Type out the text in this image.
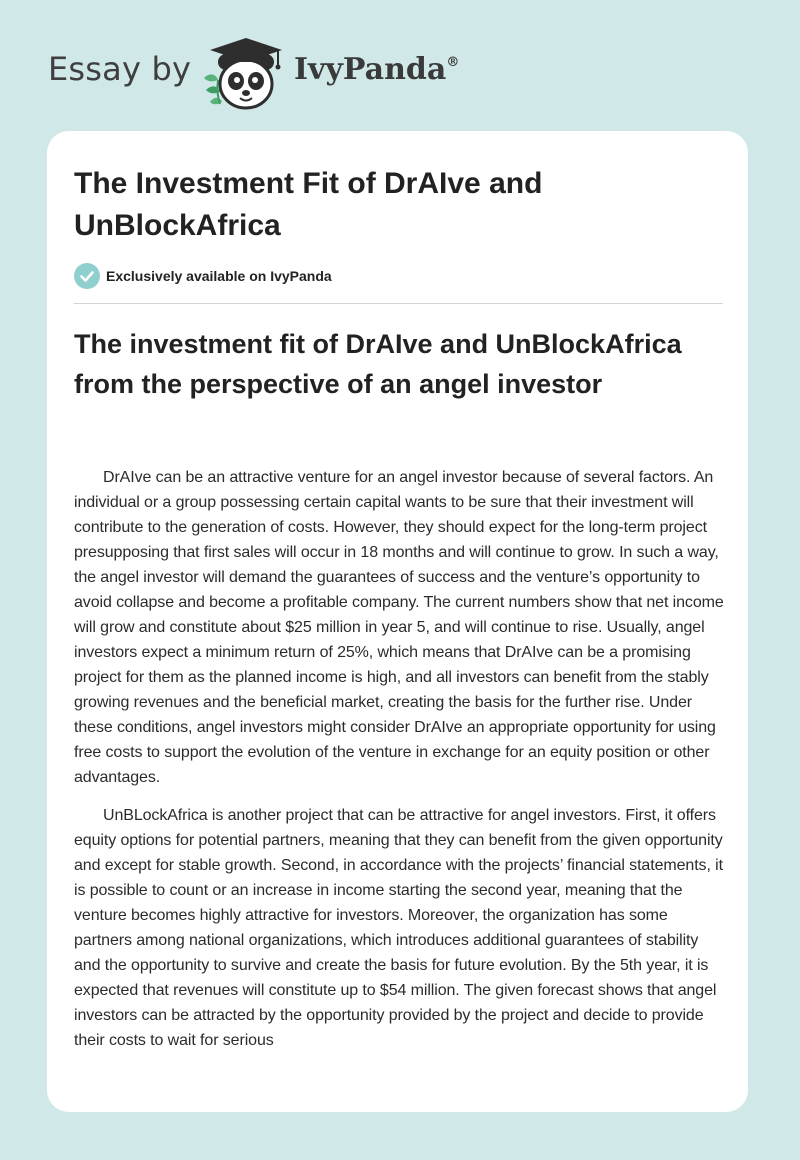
Essay by	IvyPanda®
The Investment Fit of DrAIve and UnBlockAfrica
Exclusively available on IvyPanda
The investment fit of DrAIve and UnBlockAfrica from the perspective of an angel investor

DrAIve can be an attractive venture for an angel investor because of several factors. An individual or a group possessing certain capital wants to be sure that their investment will contribute to the generation of costs. However, they should expect for the long-term project presupposing that first sales will occur in 18 months and will continue to grow. In such a way, the angel investor will demand the guarantees of success and the venture’s opportunity to avoid collapse and become a profitable company. The current numbers show that net income will grow and constitute about $25 million in year 5, and will continue to rise. Usually, angel investors expect a minimum return of 25%, which means that DrAIve can be a promising project for them as the planned income is high, and all investors can benefit from the stably growing revenues and the beneficial market, creating the basis for the further rise. Under these conditions, angel investors might consider DrAIve an appropriate opportunity for using free costs to support the evolution of the venture in exchange for an equity position or other advantages.

UnBLockAfrica is another project that can be attractive for angel investors. First, it offers equity options for potential partners, meaning that they can benefit from the given opportunity and except for stable growth. Second, in accordance with the projects’ financial statements, it is possible to count or an increase in income starting the second year, meaning that the venture becomes highly attractive for investors. Moreover, the organization has some partners among national organizations, which introduces additional guarantees of stability and the opportunity to survive and create the basis for future evolution. By the 5th year, it is expected that revenues will constitute up to $54 million. The given forecast shows that angel investors can be attracted by the opportunity provided by the project and decide to provide their costs to wait for serious
